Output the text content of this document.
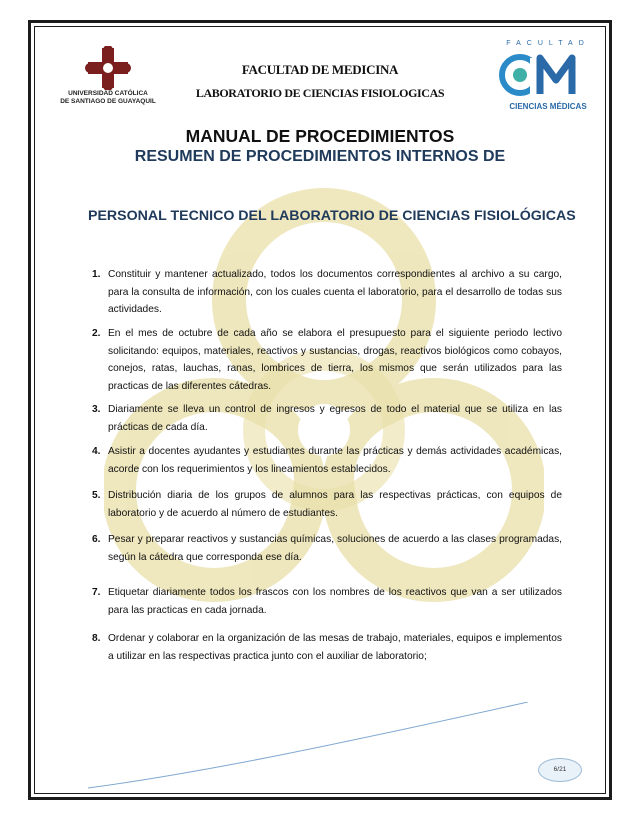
UNIVERSIDAD CATÓLICA
DE SANTIAGO DE GUAYAQUIL
FACULTAD
CIENCIAS MÉDICAS
FACULTAD DE MEDICINA
LABORATORIO DE CIENCIAS FISIOLOGICAS
MANUAL DE PROCEDIMIENTOS
RESUMEN DE PROCEDIMIENTOS INTERNOS DE
PERSONAL TECNICO DEL LABORATORIO DE CIENCIAS FISIOLÓGICAS
1. Constituir y mantener actualizado, todos los documentos correspondientes al archivo a su cargo, para la consulta de información, con los cuales cuenta el laboratorio, para el desarrollo de todas sus actividades.
2. En el mes de octubre de cada año se elabora el presupuesto para el siguiente periodo lectivo solicitando: equipos, materiales, reactivos y sustancias, drogas, reactivos biológicos como cobayos, conejos, ratas, lauchas, ranas, lombrices de tierra, los mismos que serán utilizados para las practicas de las diferentes cátedras.
3. Diariamente se lleva un control de ingresos y egresos de todo el material que se utiliza en las prácticas de cada día.
4. Asistir a docentes ayudantes y estudiantes durante las prácticas y demás actividades académicas, acorde con los requerimientos y los lineamientos establecidos.
5. Distribución diaria de los grupos de alumnos para las respectivas prácticas, con equipos de laboratorio y de acuerdo al número de estudiantes.
6. Pesar y preparar reactivos y sustancias químicas, soluciones de acuerdo a las clases programadas, según la cátedra que corresponda ese día.
7. Etiquetar diariamente todos los frascos con los nombres de los reactivos que van a ser utilizados para las practicas en cada jornada.
8. Ordenar y colaborar en la organización de las mesas de trabajo, materiales, equipos e implementos a utilizar en las respectivas practica junto con el auxiliar de laboratorio;
6/21
